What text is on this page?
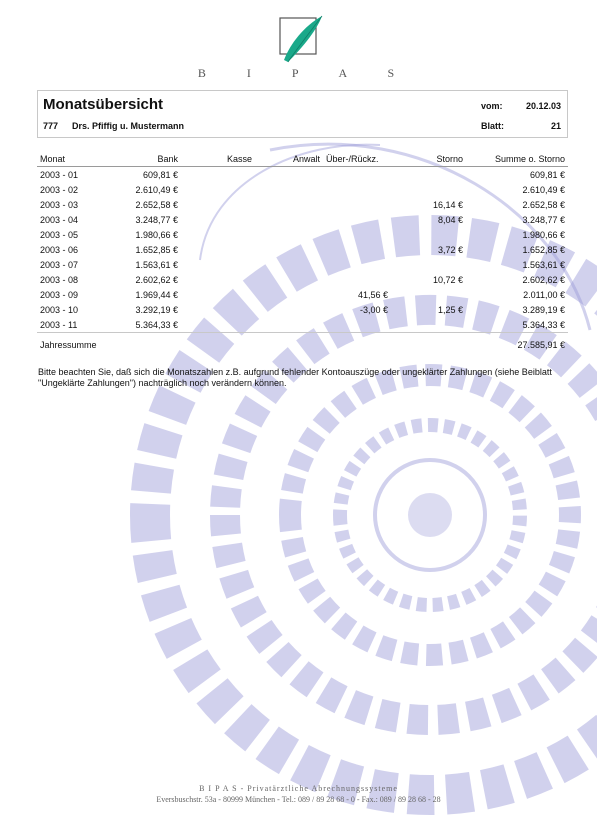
B I P A S
Monatsübersicht
777 Drs. Pfiffig u. Mustermann
vom:	20.12.03
Blatt:	21
Monat	Bank	Kasse	Anwalt	Über-/Rückz.	Storno	Summe o. Storno
2003 - 01	609,81 €					609,81 €
2003 - 02	2.610,49 €					2.610,49 €
2003 - 03	2.652,58 €				16,14 €	2.652,58 €
2003 - 04	3.248,77 €				8,04 €	3.248,77 €
2003 - 05	1.980,66 €					1.980,66 €
2003 - 06	1.652,85 €				3,72 €	1.652,85 €
2003 - 07	1.563,61 €					1.563,61 €
2003 - 08	2.602,62 €				10,72 €	2.602,62 €
2003 - 09	1.969,44 €			41,56 €		2.011,00 €
2003 - 10	3.292,19 €			-3,00 €	1,25 €	3.289,19 €
2003 - 11	5.364,33 €					5.364,33 €
Jahressumme						27.585,91 €
Bitte beachten Sie, daß sich die Monatszahlen z.B. aufgrund fehlender Kontoauszüge oder ungeklärter Zahlungen (siehe Beiblatt "Ungeklärte Zahlungen") nachträglich noch verändern können.
B I P A S - Privatärztliche Abrechnungssysteme
Eversbuschstr. 53a - 80999 München - Tel.: 089 / 89 28 68 - 0 - Fax.: 089 / 89 28 68 - 28
